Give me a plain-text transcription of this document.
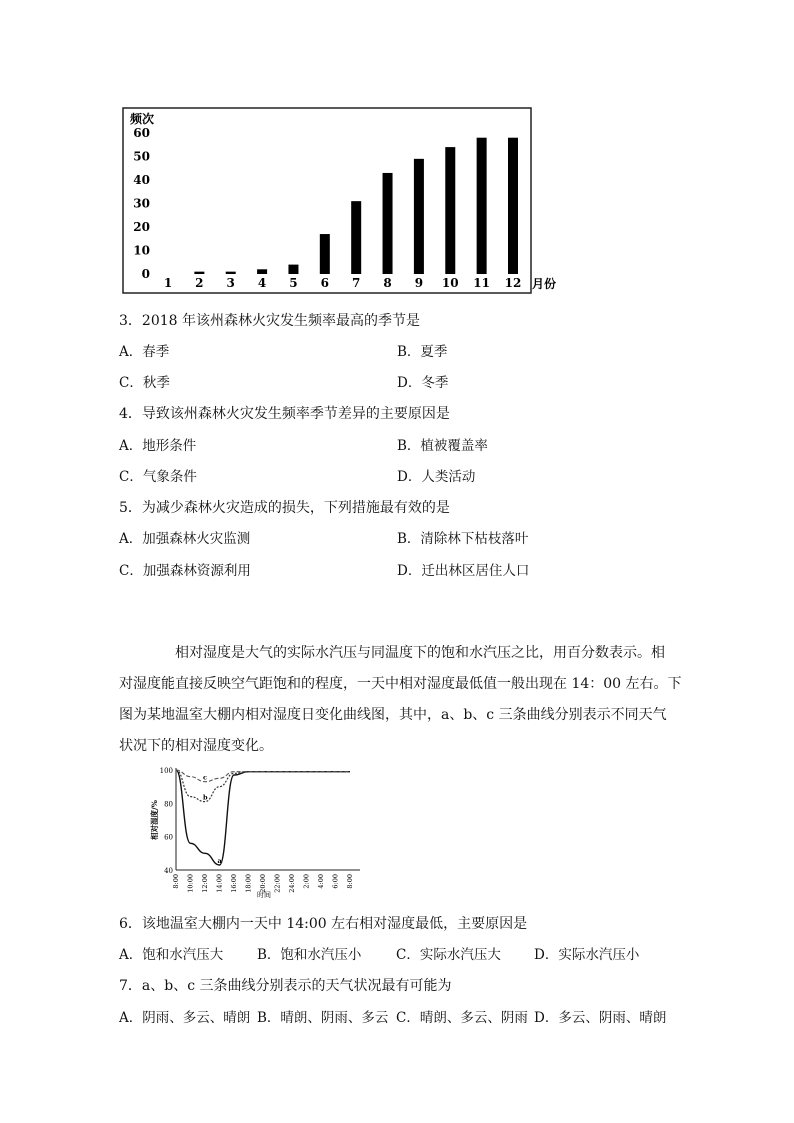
频次
0
10
20
30
40
50
60
1 2 3 4 5 6 7 8 9 10 11 12 月份
3．2018 年该州森林火灾发生频率最高的季节是
A．春季	B．夏季
C．秋季	D．冬季
4．导致该州森林火灾发生频率季节差异的主要原因是
A．地形条件	B．植被覆盖率
C．气象条件	D．人类活动
5．为减少森林火灾造成的损失，下列措施最有效的是
A．加强森林火灾监测	B．清除林下枯枝落叶
C．加强森林资源利用	D．迁出林区居住人口
相对湿度是大气的实际水汽压与同温度下的饱和水汽压之比，用百分数表示。相
对湿度能直接反映空气距饱和的程度，一天中相对湿度最低值一般出现在 14：00 左右。下
图为某地温室大棚内相对湿度日变化曲线图，其中，a、b、c 三条曲线分别表示不同天气
状况下的相对湿度变化。
相对湿度/%
40
60
80
100
8:00 10:00 12:00 14:00 16:00 18:00 20:00 22:00 24:00 2:00 4:00 6:00 8:00
时间
a
b
c
6．该地温室大棚内一天中 14:00 左右相对湿度最低，主要原因是
A．饱和水汽压大	B．饱和水汽压小	C．实际水汽压大 D．实际水汽压小
7．a、b、c 三条曲线分别表示的天气状况最有可能为
A．阴雨、多云、晴朗 B．晴朗、阴雨、多云 C．晴朗、多云、阴雨 D．多云、阴雨、晴朗
